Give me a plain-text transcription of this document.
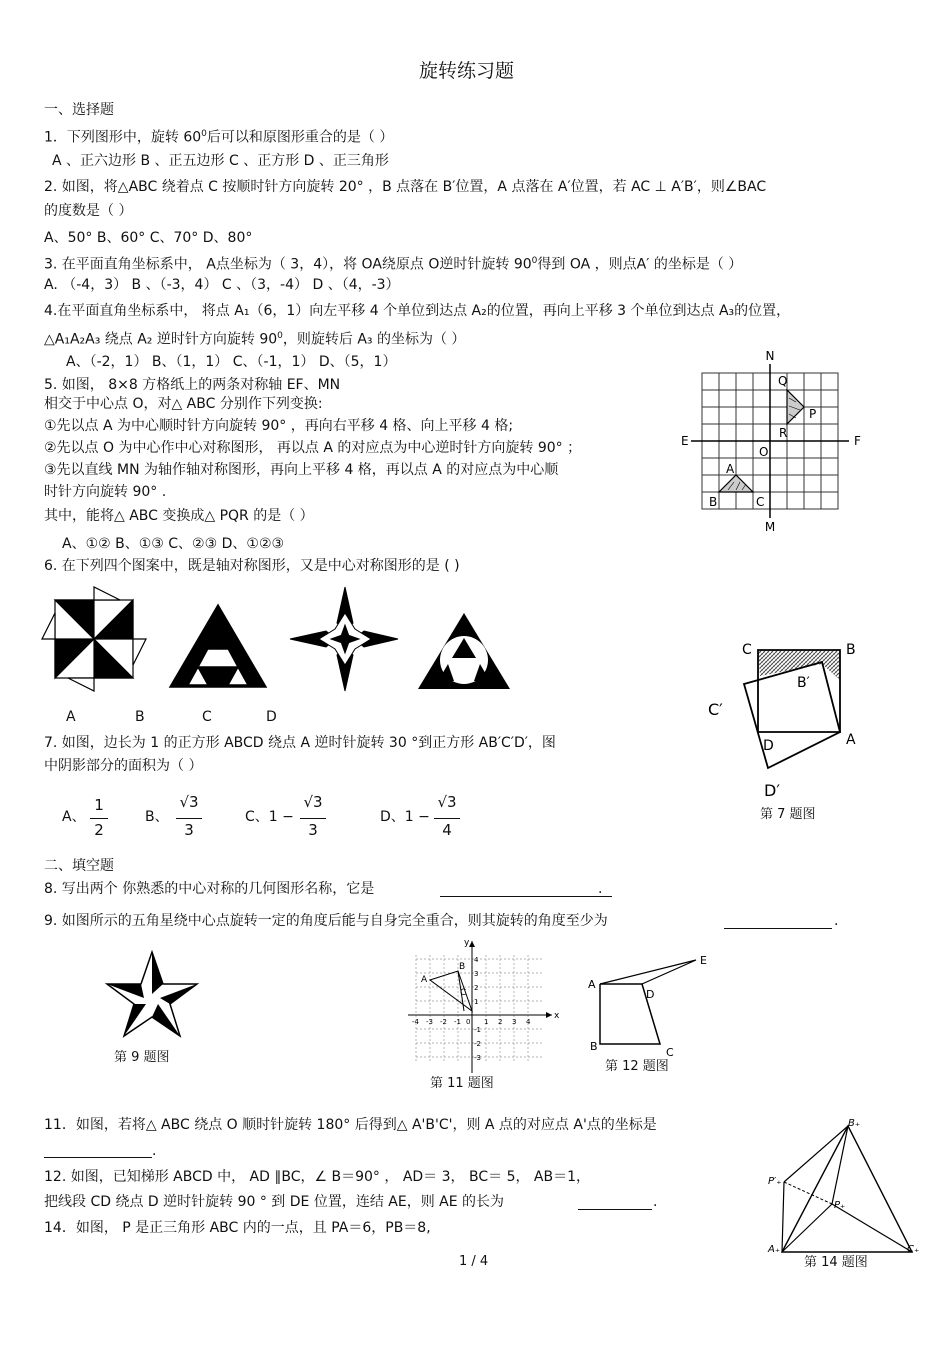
旋转练习题
一、选择题
1．下列图形中，旋转 $60^0$后可以和原图形重合的是（ ）
A 、正六边形 B 、正五边形 C 、正方形 D 、正三角形
2. 如图，将△ABC 绕着点 C 按顺时针方向旋转 20° ，B 点落在 B′位置，A 点落在 A′位置，若 AC ⊥ A′B′，则∠BAC
的度数是（ ）
A、50° B、60° C、70° D、80°
3. 在平面直角坐标系中， A点坐标为（ 3，4），将 OA绕原点 O逆时针旋转 $90^0$得到 OA ，则点A′ 的坐标是（ ）
A. （-4，3） B 、（-3，4） C 、（3，-4） D 、（4，-3）
4.在平面直角坐标系中， 将点 A₁（6，1）向左平移 4 个单位到达点 A₂的位置，再向上平移 3 个单位到达点 A₃的位置，
△A₁A₂A₃ 绕点 A₂ 逆时针方向旋转 $90^0$，则旋转后 A₃ 的坐标为（ ）
A、（-2，1） B、（1，1） C、（-1，1） D、（5，1）
5. 如图， 8×8 方格纸上的两条对称轴 EF、MN
相交于中心点 O，对△ ABC 分别作下列变换:
①先以点 A 为中心顺时针方向旋转 90° ，再向右平移 4 格、向上平移 4 格;
②先以点 O 为中心作中心对称图形， 再以点 A 的对应点为中心逆时针方向旋转 90° ；
③先以直线 MN 为轴作轴对称图形，再向上平移 4 格，再以点 A 的对应点为中心顺
时针方向旋转 90° .
其中，能将△ ABC 变换成△ PQR 的是（ ）
A、①② B、①③ C、②③ D、①②③
N
M
E	F
Q
P
R
O
A
B	C
6. 在下列四个图案中，既是轴对称图形，又是中心对称图形的是 ( )
A	B	C	D
C	B
B′
C′
D	A
D′
第 7 题图
7. 如图，边长为 1 的正方形 ABCD 绕点 A 逆时针旋转 30 °到正方形 AB′C′D′，图
中阴影部分的面积为（ ）
A、
1
2
B、
√3
3
C、1 −
√3
3
D、1 −
√3
4
二、填空题
8. 写出两个 你熟悉的中心对称的几何图形名称，它是	.
9. 如图所示的五角星绕中心点旋转一定的角度后能与自身完全重合，则其旋转的角度至少为	.
第 9 题图
x
y
-4 -3 -2 -1 0 1 2 3 4
4
3
2
1
-1
-2
-3
A
B
C
第 11 题图
A
B	C
D
E
第 12 题图
11．如图，若将△ ABC 绕点 O 顺时针旋转 180° 后得到△ A'B'C'，则 A 点的对应点 A'点的坐标是
.
12. 如图，已知梯形 ABCD 中， AD ∥BC，∠ B＝90° ， AD＝ 3， BC＝ 5， AB＝1，
把线段 CD 绕点 D 逆时针旋转 90 ° 到 DE 位置，连结 AE，则 AE 的长为	.
14．如图， P 是正三角形 ABC 内的一点，且 PA＝6，PB＝8,
B₊
P′₊
P₊
A₊	C₊
第 14 题图
1 / 4
